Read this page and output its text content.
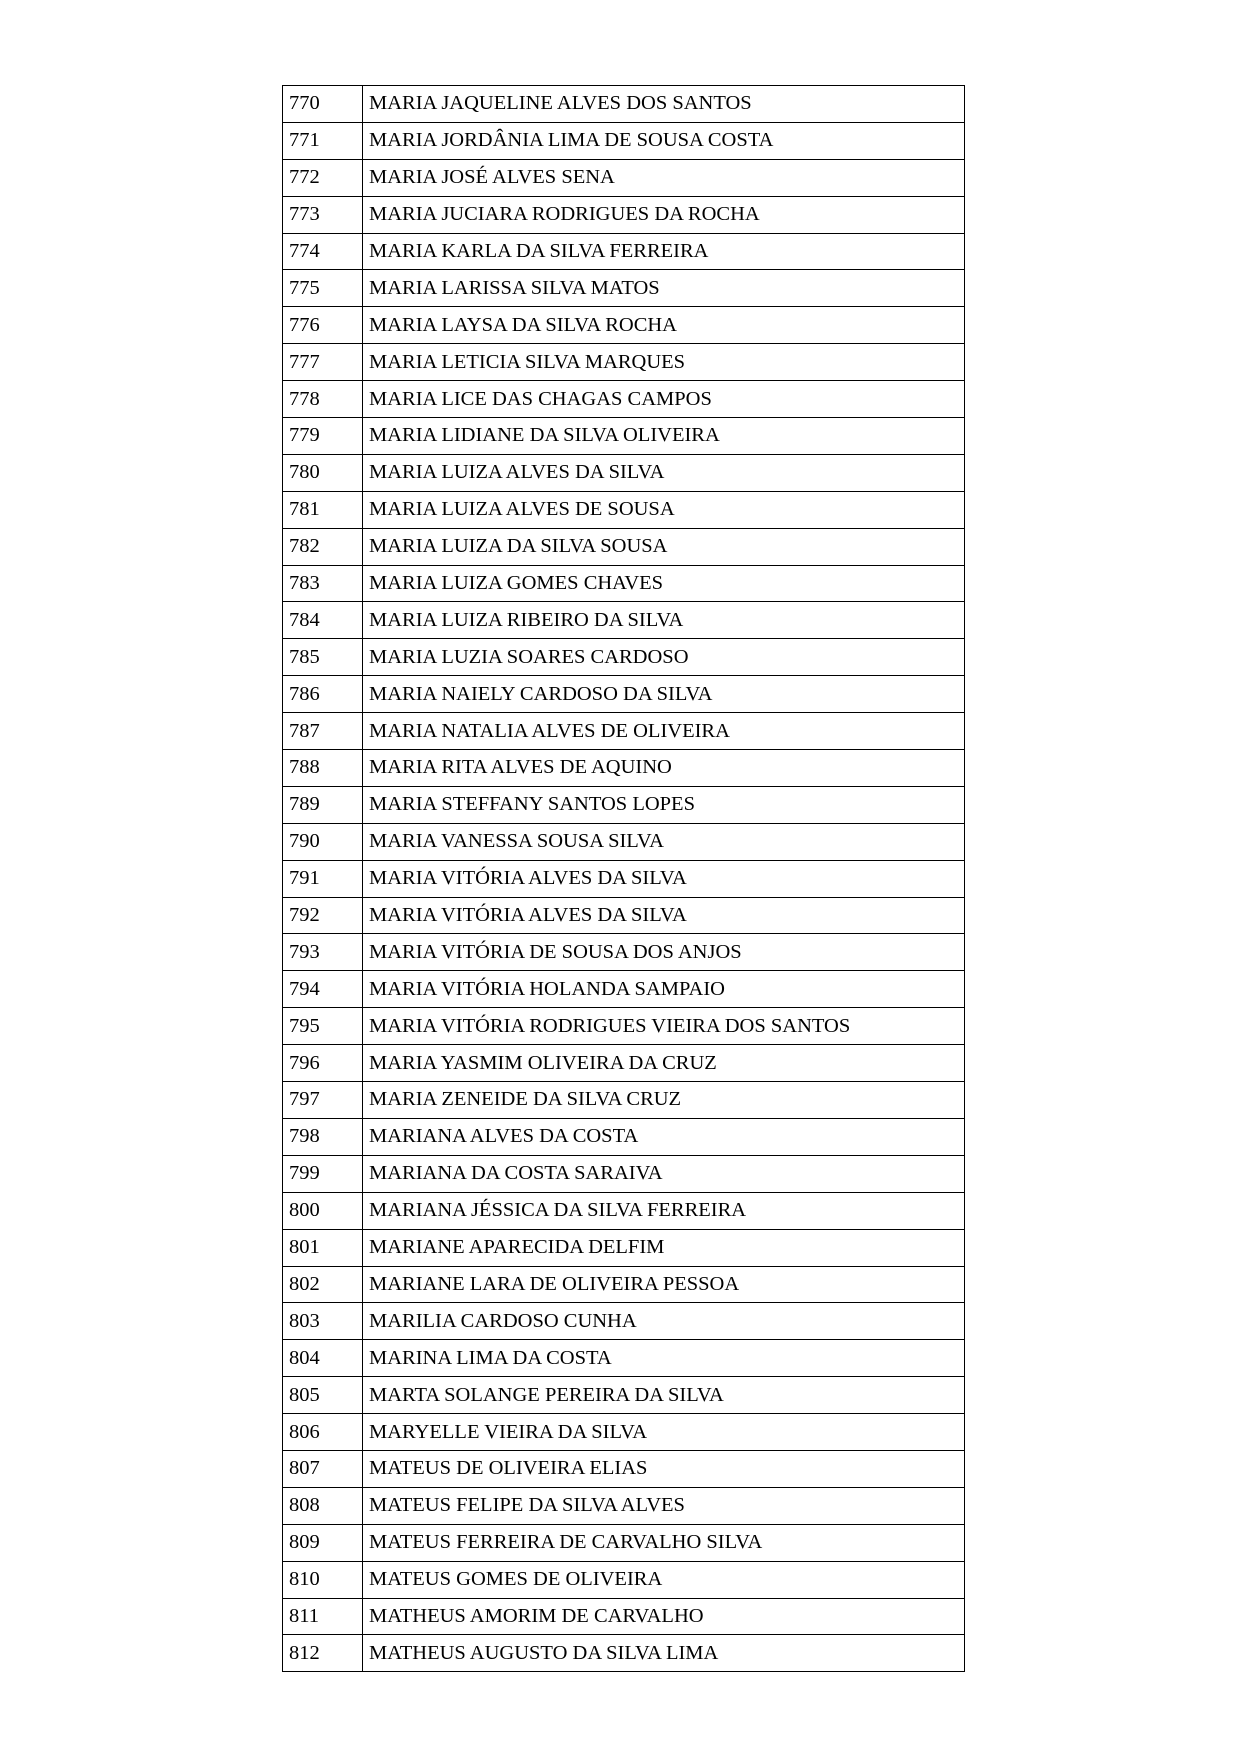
770	MARIA JAQUELINE ALVES DOS SANTOS
771	MARIA JORDÂNIA LIMA DE SOUSA COSTA
772	MARIA JOSÉ ALVES SENA
773	MARIA JUCIARA RODRIGUES DA ROCHA
774	MARIA KARLA DA SILVA FERREIRA
775	MARIA LARISSA SILVA MATOS
776	MARIA LAYSA DA SILVA ROCHA
777	MARIA LETICIA SILVA MARQUES
778	MARIA LICE DAS CHAGAS CAMPOS
779	MARIA LIDIANE DA SILVA OLIVEIRA
780	MARIA LUIZA ALVES DA SILVA
781	MARIA LUIZA ALVES DE SOUSA
782	MARIA LUIZA DA SILVA SOUSA
783	MARIA LUIZA GOMES CHAVES
784	MARIA LUIZA RIBEIRO DA SILVA
785	MARIA LUZIA SOARES CARDOSO
786	MARIA NAIELY CARDOSO DA SILVA
787	MARIA NATALIA ALVES DE OLIVEIRA
788	MARIA RITA ALVES DE AQUINO
789	MARIA STEFFANY SANTOS LOPES
790	MARIA VANESSA SOUSA SILVA
791	MARIA VITÓRIA ALVES DA SILVA
792	MARIA VITÓRIA ALVES DA SILVA
793	MARIA VITÓRIA DE SOUSA DOS ANJOS
794	MARIA VITÓRIA HOLANDA SAMPAIO
795	MARIA VITÓRIA RODRIGUES VIEIRA DOS SANTOS
796	MARIA YASMIM OLIVEIRA DA CRUZ
797	MARIA ZENEIDE DA SILVA CRUZ
798	MARIANA ALVES DA COSTA
799	MARIANA DA COSTA SARAIVA
800	MARIANA JÉSSICA DA SILVA FERREIRA
801	MARIANE APARECIDA DELFIM
802	MARIANE LARA DE OLIVEIRA PESSOA
803	MARILIA CARDOSO CUNHA
804	MARINA LIMA DA COSTA
805	MARTA SOLANGE PEREIRA DA SILVA
806	MARYELLE VIEIRA DA SILVA
807	MATEUS DE OLIVEIRA ELIAS
808	MATEUS FELIPE DA SILVA ALVES
809	MATEUS FERREIRA DE CARVALHO SILVA
810	MATEUS GOMES DE OLIVEIRA
811	MATHEUS AMORIM DE CARVALHO
812	MATHEUS AUGUSTO DA SILVA LIMA
